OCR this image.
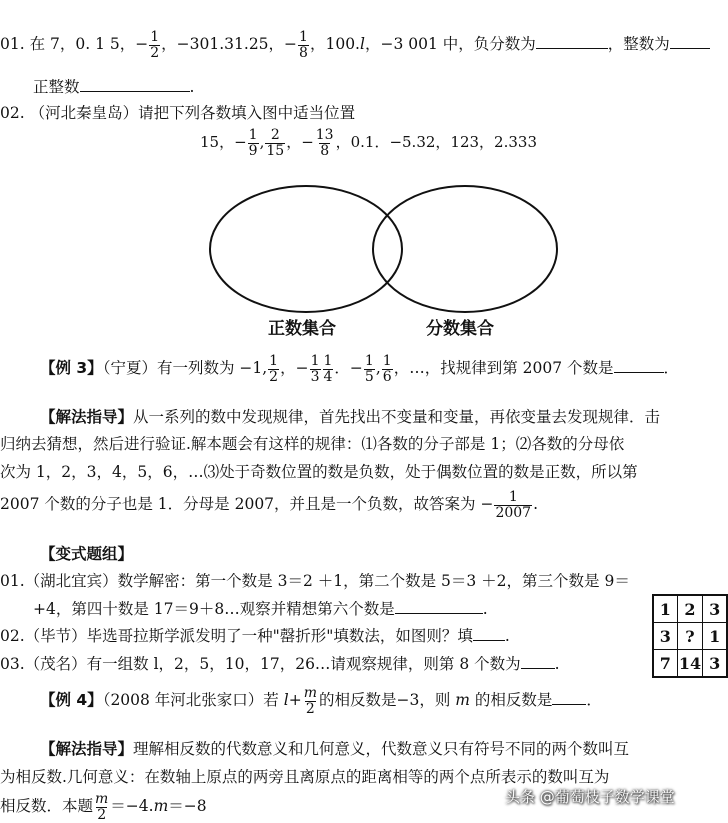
01. 在 7，0. 1 5，− $\frac{1}{2}$ ，−301.31.25，− $\frac{1}{8}$ ，100.l，−3 001 中，负分数为	，整数为
正整数	.
02. （河北秦皇岛）请把下列各数填入图中适当位置
15，− $\frac{1}{9}$ , $\frac{2}{15}$ ，− $\frac{13}{8}$ ，0.1．−5.32，123，2.333
正数集合	分数集合
【例 3】（宁夏）有一列数为 −1, $\frac{1}{2}$ ，− $\frac{1}{3} \frac{1}{4}$ ．− $\frac{1}{5}$ , $\frac{1}{6}$ ，…，找规律到第 2007 个数是	．
【解法指导】从一系列的数中发现规律，首先找出不变量和变量，再依变量去发现规律．击
归纳去猜想，然后进行验证.解本题会有这样的规律：⑴各数的分子部是 1；⑵各数的分母依
次为 1，2，3，4，5，6，…⑶处于奇数位置的数是负数，处于偶数位置的数是正数，所以第
2007 个数的分子也是 1．分母是 2007，并且是一个负数，故答案为 − $\frac{1}{2007}$ .
【变式题组】
01.（湖北宜宾）数学解密：第一个数是 3＝2 ＋1，第二个数是 5＝3 ＋2，第三个数是 9＝
+4，第四十数是 17＝9＋8…观察并精想第六个数是	.
02.（毕节）毕选哥拉斯学派发明了一种"罄折形"填数法，如图则？填 .
03.（茂名）有一组数 l，2，5，10，17，26…请观察规律，则第 8 个数为 .
1	2	3
3	?	1
7	14	3
【例 4】（2008 年河北张家口）若 $l+ \frac{m}{2}$ 的相反数是−3，则 m 的相反数是 ．
【解法指导】理解相反数的代数意义和几何意义，代数意义只有符号不同的两个数叫互
为相反数.几何意义：在数轴上原点的两旁且离原点的距离相等的两个点所表示的数叫互为
相反数．本题 $\frac{m}{2} =-4.m=-8$
头条 @葡萄枝子数学课堂
